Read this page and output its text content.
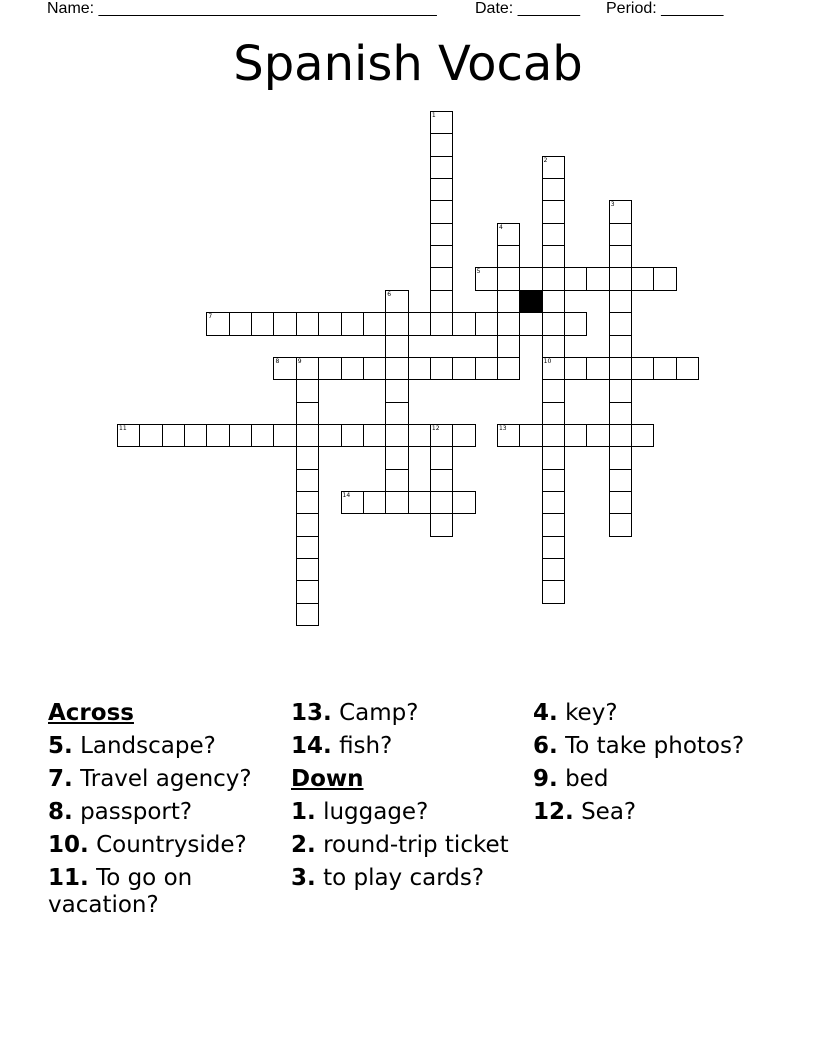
Name: ______________________________________

Date: _______

Period: _______

Spanish Vocab
5
7
8	9	10
11	12	13
14
1
2
3
4
6
Across
5. Landscape?
7. Travel agency?
8. passport?
10. Countryside?
11. To go on vacation?
13. Camp?
14. fish?
Down
1. luggage?
2. round-trip ticket
3. to play cards?
4. key?
6. To take photos?
9. bed
12. Sea?
